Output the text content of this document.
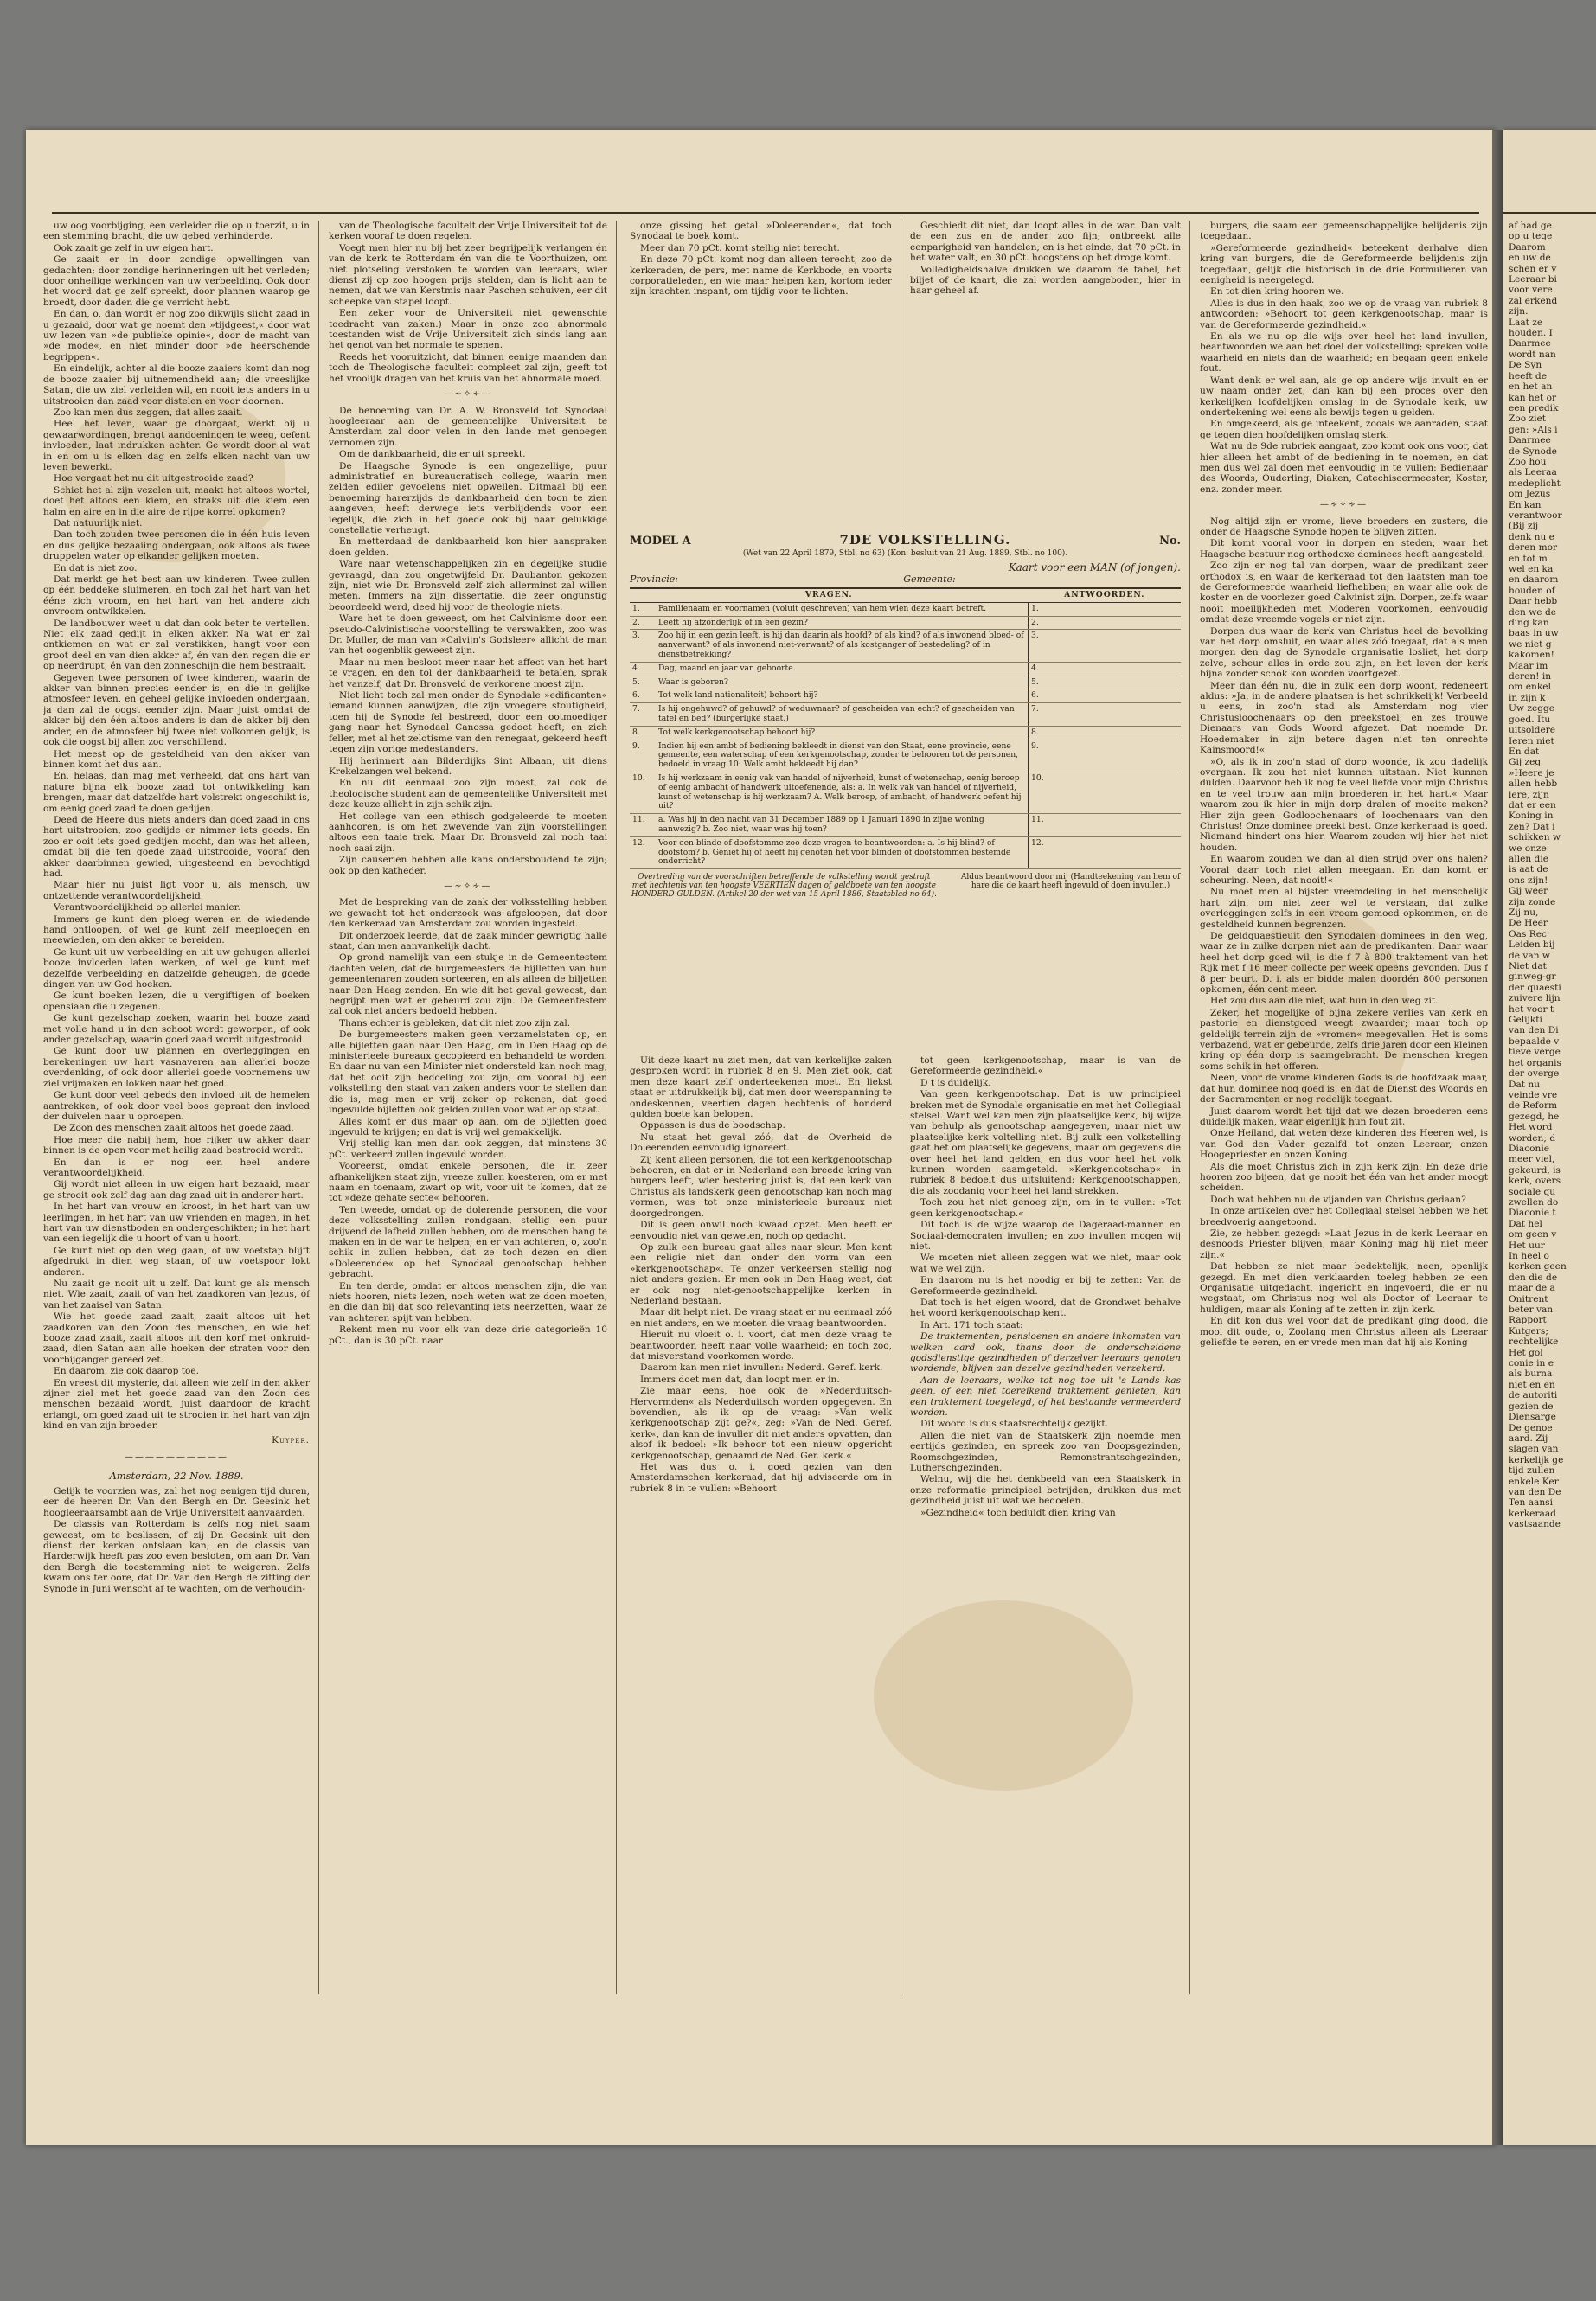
uw oog voorbijging, een verleider die op u toerzit, u in een stemming bracht, die uw gebed verhinderde.

Ook zaait ge zelf in uw eigen hart.

Ge zaait er in door zondige opwellingen van gedachten; door zondige herinneringen uit het verleden; door onheilige werkingen van uw verbeelding. Ook door het woord dat ge zelf spreekt, door plannen waarop ge broedt, door daden die ge verricht hebt.

En dan, o, dan wordt er nog zoo dikwijls slicht zaad in u gezaaid, door wat ge noemt den »tijdgeest,« door wat uw lezen van »de publieke opinie«, door de macht van »de mode«, en niet minder door »de heerschende begrippen«.

En eindelijk, achter al die booze zaaiers komt dan nog de booze zaaier bij uitnemendheid aan; die vreeslijke Satan, die uw ziel verleiden wil, en nooit iets anders in u uitstrooien dan zaad voor distelen en voor doornen.

Zoo kan men dus zeggen, dat alles zaait.

Heel het leven, waar ge doorgaat, werkt bij u gewaarwordingen, brengt aandoeningen te weeg, oefent invloeden, laat indrukken achter. Ge wordt door al wat in en om u is elken dag en zelfs elken nacht van uw leven bewerkt.

Hoe vergaat het nu dit uitgestrooide zaad?

Schiet het al zijn vezelen uit, maakt het altoos wortel, doet het altoos een kiem, en straks uit die kiem een halm en aire en in die aire de rijpe korrel opkomen?

Dat natuurlijk niet.

Dan toch zouden twee personen die in één huis leven en dus gelijke bezaaiing ondergaan, ook altoos als twee druppelen water op elkander gelijken moeten.

En dat is niet zoo.

Dat merkt ge het best aan uw kinderen. Twee zullen op één beddeke sluimeren, en toch zal het hart van het ééne zich vroom, en het hart van het andere zich onvroom ontwikkelen.

De landbouwer weet u dat dan ook beter te vertellen. Niet elk zaad gedijt in elken akker. Na wat er zal ontkiemen en wat er zal verstikken, hangt voor een groot deel en van dien akker af, én van den regen die er op neerdrupt, én van den zonneschijn die hem bestraalt.

Gegeven twee personen of twee kinderen, waarin de akker van binnen precies eender is, en die in gelijke atmosfeer leven, en geheel gelijke invloeden ondergaan, ja dan zal de oogst eender zijn. Maar juist omdat de akker bij den één altoos anders is dan de akker bij den ander, en de atmosfeer bij twee niet volkomen gelijk, is ook die oogst bij allen zoo verschillend.

Het meest op de gesteldheid van den akker van binnen komt het dus aan.

En, helaas, dan mag met verheeld, dat ons hart van nature bijna elk booze zaad tot ontwikkeling kan brengen, maar dat datzelfde hart volstrekt ongeschikt is, om eenig goed zaad te doen gedijen.

Deed de Heere dus niets anders dan goed zaad in ons hart uitstrooien, zoo gedijde er nimmer iets goeds. En zoo er ooit iets goed gedijen mocht, dan was het alleen, omdat bij die ten goede zaad uitstrooide, vooraf den akker daarbinnen gewied, uitgesteend en bevochtigd had.

Maar hier nu juist ligt voor u, als mensch, uw ontzettende verantwoordelijkheid.

Verantwoordelijkheid op allerlei manier.

Immers ge kunt den ploeg weren en de wiedende hand ontloopen, of wel ge kunt zelf meeploegen en meewieden, om den akker te bereiden.

Ge kunt uit uw verbeelding en uit uw gehugen allerlei booze invloeden laten werken, of wel ge kunt met dezelfde verbeelding en datzelfde geheugen, de goede dingen van uw God hoeken.

Ge kunt boeken lezen, die u vergiftigen of boeken opensiaan die u zegenen.

Ge kunt gezelschap zoeken, waarin het booze zaad met volle hand u in den schoot wordt geworpen, of ook ander gezelschap, waarin goed zaad wordt uitgestrooid.

Ge kunt door uw plannen en overleggingen en berekeningen uw hart vasnaveren aan allerlei booze overdenking, of ook door allerlei goede voornemens uw ziel vrijmaken en lokken naar het goed.

Ge kunt door veel gebeds den invloed uit de hemelen aantrekken, of ook door veel boos gepraat den invloed der duivelen naar u oproepen.

De Zoon des menschen zaait altoos het goede zaad.

Hoe meer die nabij hem, hoe rijker uw akker daar binnen is de open voor met heilig zaad bestrooid wordt.

En dan is er nog een heel andere verantwoordelijkheid.

Gij wordt niet alleen in uw eigen hart bezaaid, maar ge strooit ook zelf dag aan dag zaad uit in anderer hart.

In het hart van vrouw en kroost, in het hart van uw leerlingen, in het hart van uw vrienden en magen, in het hart van uw dienstboden en ondergeschikten; in het hart van een iegelijk die u hoort of van u hoort.

Ge kunt niet op den weg gaan, of uw voetstap blijft afgedrukt in dien weg staan, of uw voetspoor lokt anderen.

Nu zaait ge nooit uit u zelf. Dat kunt ge als mensch niet. Wie zaait, zaait of van het zaadkoren van Jezus, óf van het zaaisel van Satan.

Wie het goede zaad zaait, zaait altoos uit het zaadkoren van den Zoon des menschen, en wie het booze zaad zaait, zaait altoos uit den korf met onkruid-zaad, dien Satan aan alle hoeken der straten voor den voorbijganger gereed zet.

En daarom, zie ook daarop toe.

En vreest dit mysterie, dat alleen wie zelf in den akker zijner ziel met het goede zaad van den Zoon des menschen bezaaid wordt, juist daardoor de kracht erlangt, om goed zaad uit te strooien in het hart van zijn kind en van zijn broeder.

Kuyper.
——————————
Amsterdam, 22 Nov. 1889.

Gelijk te voorzien was, zal het nog eenigen tijd duren, eer de heeren Dr. Van den Bergh en Dr. Geesink het hoogleeraarsambt aan de Vrije Universiteit aanvaarden.

De classis van Rotterdam is zelfs nog niet saam geweest, om te beslissen, of zij Dr. Geesink uit den dienst der kerken ontslaan kan; en de classis van Harderwijk heeft pas zoo even besloten, om aan Dr. Van den Bergh die toestemming niet te weigeren. Zelfs kwam ons ter oore, dat Dr. Van den Bergh de zitting der Synode in Juni wenscht af te wachten, om de verhoudin-

van de Theologische faculteit der Vrije Universiteit tot de kerken vooraf te doen regelen.

Voegt men hier nu bij het zeer begrijpelijk verlangen én van de kerk te Rotterdam én van die te Voorthuizen, om niet plotseling verstoken te worden van leeraars, wier dienst zij op zoo hoogen prijs stelden, dan is licht aan te nemen, dat we van Kerstmis naar Paschen schuiven, eer dit scheepke van stapel loopt.

Een zeker voor de Universiteit niet gewenschte toedracht van zaken.) Maar in onze zoo abnormale toestanden wist de Vrije Universiteit zich sinds lang aan het genot van het normale te spenen.

Reeds het vooruitzicht, dat binnen eenige maanden dan toch de Theologische faculteit compleet zal zijn, geeft tot het vroolijk dragen van het kruis van het abnormale moed.

—∻✧∻—

De benoeming van Dr. A. W. Bronsveld tot Synodaal hoogleeraar aan de gemeentelijke Universiteit te Amsterdam zal door velen in den lande met genoegen vernomen zijn.

Om de dankbaarheid, die er uit spreekt.

De Haagsche Synode is een ongezellige, puur administratief en bureaucratisch college, waarin men zelden ediler gevoelens niet opwellen. Ditmaal bij een benoeming harerzijds de dankbaarheid den toon te zien aangeven, heeft derwege iets verblijdends voor een iegelijk, die zich in het goede ook bij naar gelukkige constellatie verheugt.

En metterdaad de dankbaarheid kon hier aanspraken doen gelden.

Ware naar wetenschappelijken zin en degelijke studie gevraagd, dan zou ongetwijfeld Dr. Daubanton gekozen zijn, niet wie Dr. Bronsveld zelf zich allerminst zal willen meten. Immers na zijn dissertatie, die zeer ongunstig beoordeeld werd, deed hij voor de theologie niets.

Ware het te doen geweest, om het Calvinisme door een pseudo-Calvinistische voorstelling te verswakken, zoo was Dr. Muller, de man van »Calvijn's Godsleer« allicht de man van het oogenblik geweest zijn.

Maar nu men besloot meer naar het affect van het hart te vragen, en den tol der dankbaarheid te betalen, sprak het vanzelf, dat Dr. Bronsveld de verkorene moest zijn.

Niet licht toch zal men onder de Synodale »edificanten« iemand kunnen aanwijzen, die zijn vroegere stoutigheid, toen hij de Synode fel bestreed, door een ootmoediger gang naar het Synodaal Canossa gedoet heeft; en zich feller, met al het zelotisme van den renegaat, gekeerd heeft tegen zijn vorige medestanders.

Hij herinnert aan Bilderdijks Sint Albaan, uit diens Krekelzangen wel bekend.

En nu dit eenmaal zoo zijn moest, zal ook de theologische student aan de gemeentelijke Universiteit met deze keuze allicht in zijn schik zijn.

Het college van een ethisch godgeleerde te moeten aanhooren, is om het zwevende van zijn voorstellingen altoos een taaie trek. Maar Dr. Bronsveld zal noch taai noch saai zijn.

Zijn causerien hebben alle kans ondersboudend te zijn; ook op den katheder.

—∻✧∻—

Met de bespreking van de zaak der volksstelling hebben we gewacht tot het onderzoek was afgeloopen, dat door den kerkeraad van Amsterdam zou worden ingesteld.

Dit onderzoek leerde, dat de zaak minder gewrigtig halle staat, dan men aanvankelijk dacht.

Op grond namelijk van een stukje in de Gemeentestem dachten velen, dat de burgemeesters de bijlletten van hun gemeentenaren zouden sorteeren, en als alleen de biljetten naar Den Haag zenden. En wie dit het geval geweest, dan begrijpt men wat er gebeurd zou zijn. De Gemeentestem zal ook niet anders bedoeld hebben.

Thans echter is gebleken, dat dit niet zoo zijn zal.

De burgemeesters maken geen verzamelstaten op, en alle bijletten gaan naar Den Haag, om in Den Haag op de ministerieele bureaux gecopieerd en behandeld te worden. En daar nu van een Minister niet ondersteld kan noch mag, dat het ooit zijn bedoeling zou zijn, om vooral bij een volkstelling den staat van zaken anders voor te stellen dan die is, mag men er vrij zeker op rekenen, dat goed ingevulde bijletten ook gelden zullen voor wat er op staat.

Alles komt er dus maar op aan, om de bijletten goed ingevuld te krijgen; en dat is vrij wel gemakkelijk.

Vrij stellig kan men dan ook zeggen, dat minstens 30 pCt. verkeerd zullen ingevuld worden.

Vooreerst, omdat enkele personen, die in zeer afhankelijken staat zijn, vreeze zullen koesteren, om er met naam en toenaam, zwart op wit, voor uit te komen, dat ze tot »deze gehate secte« behooren.

Ten tweede, omdat op de dolerende personen, die voor deze volksstelling zullen rondgaan, stellig een puur drijvend de lafheid zullen hebben, om de menschen bang te maken en in de war te helpen; en er van achteren, o, zoo'n schik in zullen hebben, dat ze toch dezen en dien »Doleerende« op het Synodaal genootschap hebben gebracht.

En ten derde, omdat er altoos menschen zijn, die van niets hooren, niets lezen, noch weten wat ze doen moeten, en die dan bij dat soo relevanting iets neerzetten, waar ze van achteren spijt van hebben.

Rekent men nu voor elk van deze drie categorieën 10 pCt., dan is 30 pCt. naar

onze gissing het getal »Doleerenden«, dat toch Synodaal te boek komt.

Meer dan 70 pCt. komt stellig niet terecht.

En deze 70 pCt. komt nog dan alleen terecht, zoo de kerkeraden, de pers, met name de Kerkbode, en voorts corporatieleden, en wie maar helpen kan, kortom ieder zijn krachten inspant, om tijdig voor te lichten.

Geschiedt dit niet, dan loopt alles in de war. Dan valt de een zus en de ander zoo fijn; ontbreekt alle eenparigheid van handelen; en is het einde, dat 70 pCt. in het water valt, en 30 pCt. hoogstens op het droge komt.

Volledigheidshalve drukken we daarom de tabel, het biljet of de kaart, die zal worden aangeboden, hier in haar geheel af.

MODEL A	7DE VOLKSTELLING.	No.
(Wet van 22 April 1879, Stbl. no 63) (Kon. besluit van 21 Aug. 1889, Stbl. no 100).
Kaart voor een MAN (of jongen).
Provincie:	Gemeente:
VRAGEN.		ANTWOORDEN.
1.	Familienaam en voornamen (voluit geschreven) van hem wien deze kaart betreft.	1.
2.	Leeft hij afzonderlijk of in een gezin?	2.
3.	Zoo hij in een gezin leeft, is hij dan daarin als hoofd? of als kind? of als inwonend bloed- of aanverwant? of als inwonend niet-verwant? of als kostganger of bestedeling? of in dienstbetrekking?	3.
4.	Dag, maand en jaar van geboorte.	4.
5.	Waar is geboren?	5.
6.	Tot welk land nationaliteit) behoort hij?	6.
7.	Is hij ongehuwd? of gehuwd? of weduwnaar? of gescheiden van echt? of gescheiden van tafel en bed? (burgerlijke staat.)	7.
8.	Tot welk kerkgenootschap behoort hij?	8.
9.	Indien hij een ambt of bediening bekleedt in dienst van den Staat, eene provincie, eene gemeente, een waterschap of een kerkgenootschap, zonder te behooren tot de personen, bedoeld in vraag 10: Welk ambt bekleedt hij dan?	9.
10.	Is hij werkzaam in eenig vak van handel of nijverheid, kunst of wetenschap, eenig beroep of eenig ambacht of handwerk uitoefenende, als: a. In welk vak van handel of nijverheid, kunst of wetenschap is hij werkzaam? A. Welk beroep, of ambacht, of handwerk oefent hij uit?	10.
11.	a. Was hij in den nacht van 31 December 1889 op 1 Januari 1890 in zijne woning aanwezig? b. Zoo niet, waar was hij toen?	11.
12.	Voor een blinde of doofstomme zoo deze vragen te beantwoorden: a. Is hij blind? of doofstom? b. Geniet hij of heeft hij genoten het voor blinden of doofstommen bestemde onderricht?	12.
Overtreding van de voorschriften betreffende de volkstelling wordt gestraft met hechtenis van ten hoogste VEERTIEN dagen of geldboete van ten hoogste HONDERD GULDEN. (Artikel 20 der wet van 15 April 1886, Staatsblad no 64).
Aldus beantwoord door mij (Handteekening van hem of hare die de kaart heeft ingevuld of doen invullen.)

Uit deze kaart nu ziet men, dat van kerkelijke zaken gesproken wordt in rubriek 8 en 9. Men ziet ook, dat men deze kaart zelf onderteekenen moet. En liekst staat er uitdrukkelijk bij, dat men door weerspanning te ondeskennen, veertien dagen hechtenis of honderd gulden boete kan belopen.

Oppassen is dus de boodschap.

Nu staat het geval zóó, dat de Overheid de Doleerenden eenvoudig ignoreert.

Zij kent alleen personen, die tot een kerkgenootschap behooren, en dat er in Nederland een breede kring van burgers leeft, wier bestering juist is, dat een kerk van Christus als landskerk geen genootschap kan noch mag vormen, was tot onze ministerieele bureaux niet doorgedrongen.

Dit is geen onwil noch kwaad opzet. Men heeft er eenvoudig niet van geweten, noch op gedacht.

Op zulk een bureau gaat alles naar sleur. Men kent een religie niet dan onder den vorm van een »kerkgenootschap«. Te onzer verkeersen stellig nog niet anders gezien. Er men ook in Den Haag weet, dat er ook nog niet-genootschappelijke kerken in Nederland bestaan.

Maar dit helpt niet. De vraag staat er nu eenmaal zóó en niet anders, en we moeten die vraag beantwoorden.

Hieruit nu vloeit o. i. voort, dat men deze vraag te beantwoorden heeft naar volle waarheid; en toch zoo, dat misverstand voorkomen worde.

Daarom kan men niet invullen: Nederd. Geref. kerk.

Immers doet men dat, dan loopt men er in.

Zie maar eens, hoe ook de »Nederduitsch-Hervormden« als Nederduitsch worden opgegeven. En bovendien, als ik op de vraag: »Van welk kerkgenootschap zijt ge?«, zeg: »Van de Ned. Geref. kerk«, dan kan de invuller dit niet anders opvatten, dan alsof ik bedoel: »Ik behoor tot een nieuw opgericht kerkgenootschap, genaamd de Ned. Ger. kerk.«

Het was dus o. i. goed gezien van den Amsterdamschen kerkeraad, dat hij adviseerde om in rubriek 8 in te vullen: »Behoort

tot geen kerkgenootschap, maar is van de Gereformeerde gezindheid.«

D t is duidelijk.

Van geen kerkgenootschap. Dat is uw principieel breken met de Synodale organisatie en met het Collegiaal stelsel. Want wel kan men zijn plaatselijke kerk, bij wijze van behulp als genootschap aangegeven, maar niet uw plaatselijke kerk voltelling niet. Bij zulk een volkstelling gaat het om plaatselijke gegevens, maar om gegevens die over heel het land gelden, en dus voor heel het volk kunnen worden saamgeteld. »Kerkgenootschap« in rubriek 8 bedoelt dus uitsluitend: Kerkgenootschappen, die als zoodanig voor heel het land strekken.

Toch zou het niet genoeg zijn, om in te vullen: »Tot geen kerkgenootschap.«

Dit toch is de wijze waarop de Dageraad-mannen en Sociaal-democraten invullen; en zoo invullen mogen wij niet.

We moeten niet alleen zeggen wat we niet, maar ook wat we wel zijn.

En daarom nu is het noodig er bij te zetten: Van de Gereformeerde gezindheid.

Dat toch is het eigen woord, dat de Grondwet behalve het woord kerkgenootschap kent.

In Art. 171 toch staat:

De traktementen, pensioenen en andere inkomsten van welken aard ook, thans door de onderscheidene godsdienstige gezindheden of derzelver leeraars genoten wordende, blijven aan dezelve gezindheden verzekerd.

Aan de leeraars, welke tot nog toe uit 's Lands kas geen, of een niet toereikend traktement genieten, kan een traktement toegelegd, of het bestaande vermeerderd worden.

Dit woord is dus staatsrechtelijk gezijkt.

Allen die niet van de Staatskerk zijn noemde men eertijds gezinden, en spreek zoo van Doopsgezinden, Roomschgezinden, Remonstrantschgezinden, Lutherschgezinden.

Welnu, wij die het denkbeeld van een Staatskerk in onze reformatie principieel betrijden, drukken dus met gezindheid juist uit wat we bedoelen.

»Gezindheid« toch beduidt dien kring van

burgers, die saam een gemeenschappelijke belijdenis zijn toegedaan.

»Gereformeerde gezindheid« beteekent derhalve dien kring van burgers, die de Gereformeerde belijdenis zijn toegedaan, gelijk die historisch in de drie Formulieren van eenigheid is neergelegd.

En tot dien kring hooren we.

Alles is dus in den haak, zoo we op de vraag van rubriek 8 antwoorden: »Behoort tot geen kerkgenootschap, maar is van de Gereformeerde gezindheid.«

En als we nu op die wijs over heel het land invullen, beantwoorden we aan het doel der volkstelling; spreken volle waarheid en niets dan de waarheid; en begaan geen enkele fout.

Want denk er wel aan, als ge op andere wijs invult en er uw naam onder zet, dan kan bij een proces over den kerkelijken loofdelijken omslag in de Synodale kerk, uw ondertekening wel eens als bewijs tegen u gelden.

En omgekeerd, als ge inteekent, zooals we aanraden, staat ge tegen dien hoofdelijken omslag sterk.

Wat nu de 9de rubriek aangaat, zoo komt ook ons voor, dat hier alleen het ambt of de bediening in te noemen, en dat men dus wel zal doen met eenvoudig in te vullen: Bedienaar des Woords, Ouderling, Diaken, Catechiseermeester, Koster, enz. zonder meer.

—∻✧∻—

Nog altijd zijn er vrome, lieve broeders en zusters, die onder de Haagsche Synode hopen te blijven zitten.

Dit komt vooral voor in dorpen en steden, waar het Haagsche bestuur nog orthodoxe dominees heeft aangesteld.

Zoo zijn er nog tal van dorpen, waar de predikant zeer orthodox is, en waar de kerkeraad tot den laatsten man toe de Gereformeerde waarheid liefhebben; en waar alle ook de koster en de voorlezer goed Calvinist zijn. Dorpen, zelfs waar nooit moeilijkheden met Moderen voorkomen, eenvoudig omdat deze vreemde vogels er niet zijn.

Dorpen dus waar de kerk van Christus heel de bevolking van het dorp omsluit, en waar alles zóó toegaat, dat als men morgen den dag de Synodale organisatie losliet, het dorp zelve, scheur alles in orde zou zijn, en het leven der kerk bijna zonder schok kon worden voortgezet.

Meer dan één nu, die in zulk een dorp woont, redeneert aldus: »Ja, in de andere plaatsen is het schrikkelijk! Verbeeld u eens, in zoo'n stad als Amsterdam nog vier Christusloochenaars op den preekstoel; en zes trouwe Dienaars van Gods Woord afgezet. Dat noemde Dr. Hoedemaker in zijn betere dagen niet ten onrechte Kainsmoord!«

»O, als ik in zoo'n stad of dorp woonde, ik zou dadelijk overgaan. Ik zou het niet kunnen uitstaan. Niet kunnen dulden. Daarvoor heb ik nog te veel liefde voor mijn Christus en te veel trouw aan mijn broederen in het hart.« Maar waarom zou ik hier in mijn dorp dralen of moeite maken? Hier zijn geen Godloochenaars of loochenaars van den Christus! Onze dominee preekt best. Onze kerkeraad is goed. Niemand hindert ons hier. Waarom zouden wij hier het niet houden.

En waarom zouden we dan al dien strijd over ons halen? Vooral daar toch niet allen meegaan. En dan komt er scheuring. Neen, dat nooit!«

Nu moet men al bijster vreemdeling in het menschelijk hart zijn, om niet zeer wel te verstaan, dat zulke overleggingen zelfs in een vroom gemoed opkommen, en de gesteldheid kunnen begrenzen.

De geldquaestieuit den Synodalen dominees in den weg, waar ze in zulke dorpen niet aan de predikanten. Daar waar heel het dorp goed wil, is die f 7 à 800 traktement van het Rijk met f 16 meer collecte per week opeens gevonden. Dus f 8 per beurt. D. i. als er bidde malen doordén 800 personen opkomen, één cent meer.

Het zou dus aan die niet, wat hun in den weg zit.

Zeker, het mogelijke of bijna zekere verlies van kerk en pastorie en dienstgoed weegt zwaarder; maar toch op geldelijk terrein zijn de »vromen« meegevallen. Het is soms verbazend, wat er gebeurde, zelfs drie jaren door een kleinen kring op één dorp is saamgebracht. De menschen kregen soms schik in het offeren.

Neen, voor de vrome kinderen Gods is de hoofdzaak maar, dat hun dominee nog goed is, en dat de Dienst des Woords en der Sacramenten er nog redelijk toegaat.

Juist daarom wordt het tijd dat we dezen broederen eens duidelijk maken, waar eigenlijk hun fout zit.

Onze Heiland, dat weten deze kinderen des Heeren wel, is van God den Vader gezalfd tot onzen Leeraar, onzen Hoogepriester en onzen Koning.

Als die moet Christus zich in zijn kerk zijn. En deze drie hooren zoo bijeen, dat ge nooit het één van het ander moogt scheiden.

Doch wat hebben nu de vijanden van Christus gedaan?

In onze artikelen over het Collegiaal stelsel hebben we het breedvoerig aangetoond.

Zie, ze hebben gezegd: »Laat Jezus in de kerk Leeraar en desnoods Priester blijven, maar Koning mag hij niet meer zijn.«

Dat hebben ze niet maar bedektelijk, neen, openlijk gezegd. En met dien verklaarden toeleg hebben ze een Organisatie uitgedacht, ingericht en ingevoerd, die er nu wegstaat, om Christus nog wel als Doctor of Leeraar te huldigen, maar als Koning af te zetten in zijn kerk.

En dit kon dus wel voor dat de predikant ging dood, die mooi dit oude, o, Zoolang men Christus alleen als Leeraar geliefde te eeren, en er vrede men man dat hij als Koning

af had ge
op u tege
Daarom
en uw de
schen er v
Leeraar bi
voor vere
zal erkend
zijn.
Laat ze
houden. I
Daarmee
wordt nan
De Syn
heeft de
en het an
kan het or
een predik
Zoo ziet
gen: »Als i
Daarmee
de Synode
Zoo hou
als Leeraa
medeplicht
om Jezus
En kan
verantwoor
(Bij zij
denk nu e
deren mor
en tot m
wel en ka
en daarom
houden of
Daar hebb
den we de
ding kan
baas in uw
we niet g
kakomen!
Maar im
deren! in
om enkel
in zijn k
Uw zegge
goed. Itu
uitsoldere
Ieren niet
En dat
Gij zeg
»Heere je
allen hebb
lere, zijn
dat er een
Koning in
zen? Dat i
schikken w
we onze
allen die
is aat de
ons zijn!
Gij weer
zijn zonde
Zij nu,
De Heer
Oas Rec
Leiden bij
de van w
Niet dat
ginweg-gr
der quaesti
zuivere lijn
het voor t
Gelijkti
van den Di
bepaalde v
tieve verge
het organis
der overge
Dat nu
veinde vre
de Reform
gezegd, he
Het word
worden; d
Diaconie
meer viel,
gekeurd, is
kerk, overs
sociale qu
zwellen do
Diaconie t
Dat hel
om geen v
Het uur
In heel o
kerken geen
den die de
maar de a
Onitrent
beter van
Rapport
Kutgers;
rechtelijke
Het gol
conie in e
als burna
niet en en
de autoriti
gezien de
Diensarge
De genoe
aard. Zij
slagen van
kerkelijk ge
tijd zullen
enkele Ker
van den De
Ten aansi
kerkeraad
vastsaande
